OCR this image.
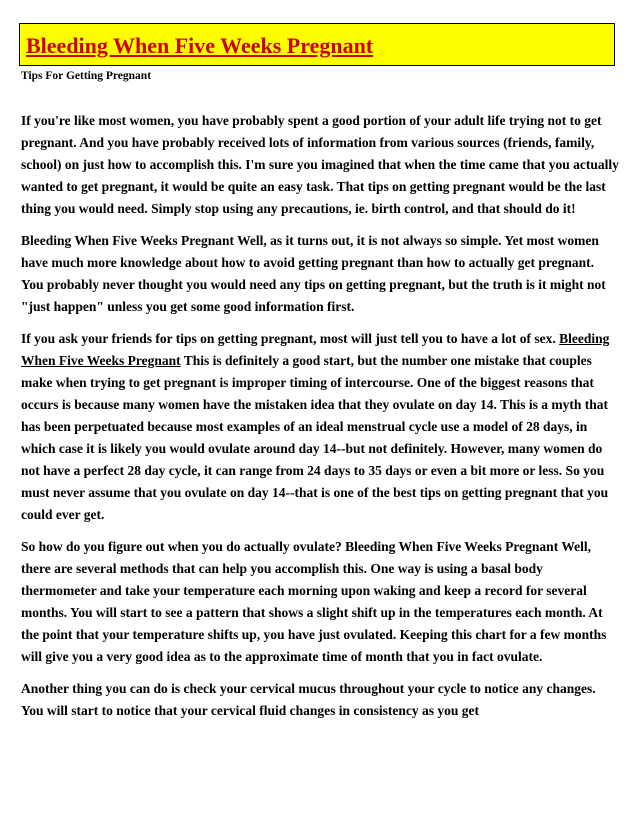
Bleeding When Five Weeks Pregnant

Tips For Getting Pregnant

If you're like most women, you have probably spent a good portion of your adult life trying not to get pregnant. And you have probably received lots of information from various sources (friends, family, school) on just how to accomplish this. I'm sure you imagined that when the time came that you actually wanted to get pregnant, it would be quite an easy task. That tips on getting pregnant would be the last thing you would need. Simply stop using any precautions, ie. birth control, and that should do it!

Bleeding When Five Weeks Pregnant Well, as it turns out, it is not always so simple. Yet most women have much more knowledge about how to avoid getting pregnant than how to actually get pregnant. You probably never thought you would need any tips on getting pregnant, but the truth is it might not "just happen" unless you get some good information first.

If you ask your friends for tips on getting pregnant, most will just tell you to have a lot of sex. Bleeding When Five Weeks Pregnant This is definitely a good start, but the number one mistake that couples make when trying to get pregnant is improper timing of intercourse. One of the biggest reasons that occurs is because many women have the mistaken idea that they ovulate on day 14. This is a myth that has been perpetuated because most examples of an ideal menstrual cycle use a model of 28 days, in which case it is likely you would ovulate around day 14--but not definitely. However, many women do not have a perfect 28 day cycle, it can range from 24 days to 35 days or even a bit more or less. So you must never assume that you ovulate on day 14--that is one of the best tips on getting pregnant that you could ever get.

So how do you figure out when you do actually ovulate? Bleeding When Five Weeks Pregnant Well, there are several methods that can help you accomplish this. One way is using a basal body thermometer and take your temperature each morning upon waking and keep a record for several months. You will start to see a pattern that shows a slight shift up in the temperatures each month. At the point that your temperature shifts up, you have just ovulated. Keeping this chart for a few months will give you a very good idea as to the approximate time of month that you in fact ovulate.

Another thing you can do is check your cervical mucus throughout your cycle to notice any changes. You will start to notice that your cervical fluid changes in consistency as you get
